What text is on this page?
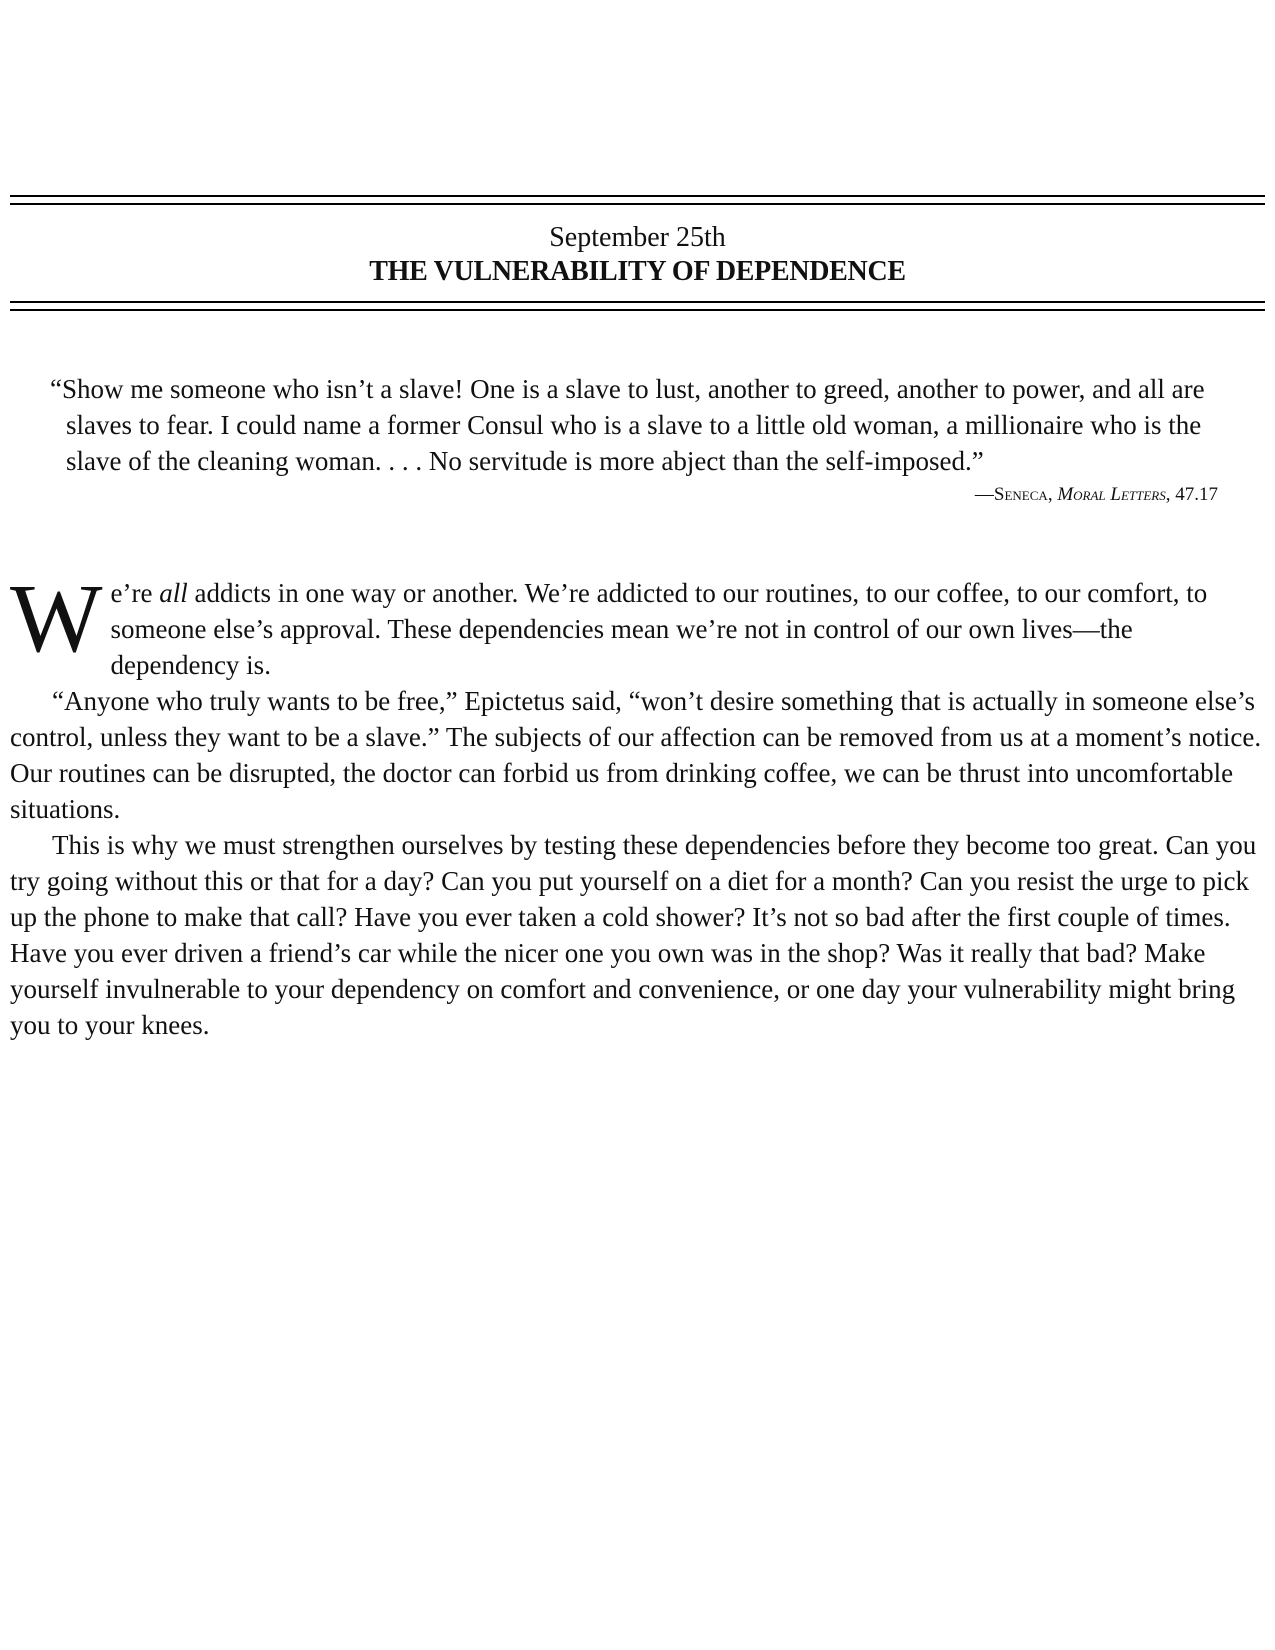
September 25th
THE VULNERABILITY OF DEPENDENCE

“Show me someone who isn’t a slave! One is a slave to lust, another to greed, another to power, and all are slaves to fear. I could name a former Consul who is a slave to a little old woman, a millionaire who is the slave of the cleaning woman. . . . No servitude is more abject than the self-imposed.”

—Seneca, Moral Letters, 47.17

We’re all addicts in one way or another. We’re addicted to our routines, to our coffee, to our comfort, to someone else’s approval. These dependencies mean we’re not in control of our own lives—the dependency is.

“Anyone who truly wants to be free,” Epictetus said, “won’t desire something that is actually in someone else’s control, unless they want to be a slave.” The subjects of our affection can be removed from us at a moment’s notice. Our routines can be disrupted, the doctor can forbid us from drinking coffee, we can be thrust into uncomfortable situations.

This is why we must strengthen ourselves by testing these dependencies before they become too great. Can you try going without this or that for a day? Can you put yourself on a diet for a month? Can you resist the urge to pick up the phone to make that call? Have you ever taken a cold shower? It’s not so bad after the first couple of times. Have you ever driven a friend’s car while the nicer one you own was in the shop? Was it really that bad? Make yourself invulnerable to your dependency on comfort and convenience, or one day your vulnerability might bring you to your knees.
